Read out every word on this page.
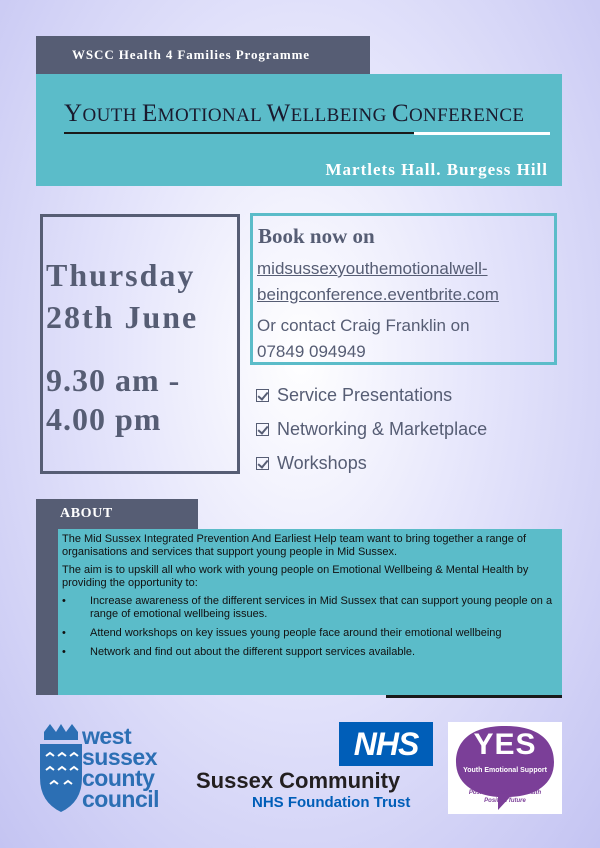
WSCC Health 4 Families Programme
YOUTH EMOTIONAL WELLBEING CONFERENCE
Martlets Hall. Burgess Hill
Thursday
28th June
9.30 am -
4.00 pm
Book now on
midsussexyouthemotionalwell-
beingconference.eventbrite.com
Or contact Craig Franklin on
07849 094949
Service Presentations
Networking & Marketplace
Workshops
ABOUT

The Mid Sussex Integrated Prevention And Earliest Help team want to bring together a range of organisations and services that support young people in Mid Sussex.

The aim is to upskill all who work with young people on Emotional Wellbeing & Mental Health by providing the opportunity to:

• Increase awareness of the different services in Mid Sussex that can support young people on a range of emotional wellbeing issues.
• Attend workshops on key issues young people face around their emotional wellbeing
• Network and find out about the different support services available.
west
sussex
county
council
NHS
Sussex Community
NHS Foundation Trust
YES
Youth Emotional Support
Positive emotional health
Positive future
